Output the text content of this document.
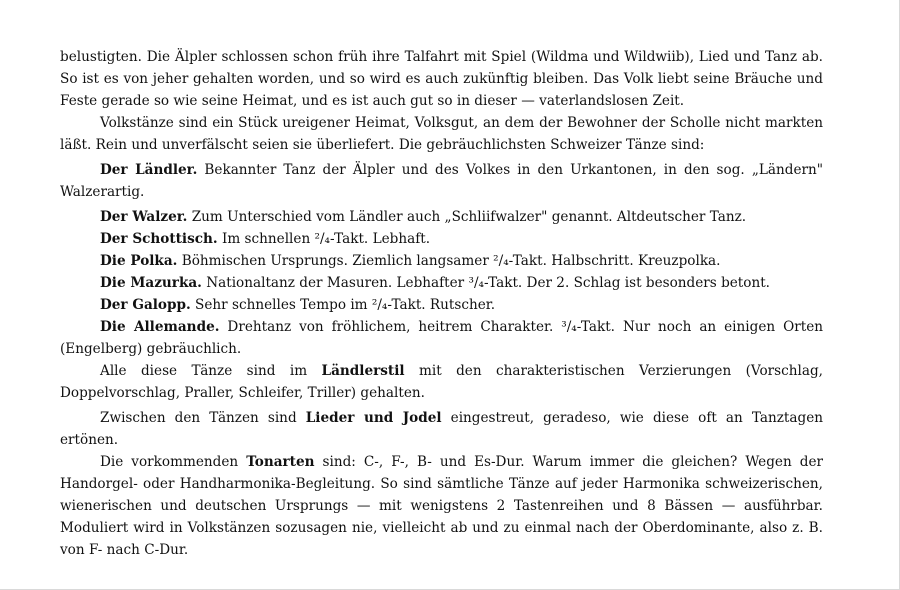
belustigten. Die Älpler schlossen schon früh ihre Talfahrt mit Spiel (Wildma und Wildwiib), Lied und Tanz ab. So ist es von jeher gehalten worden, und so wird es auch zukünftig bleiben. Das Volk liebt seine Bräuche und Feste gerade so wie seine Heimat, und es ist auch gut so in dieser — vaterlandslosen Zeit.

Volkstänze sind ein Stück ureigener Heimat, Volksgut, an dem der Bewohner der Scholle nicht markten läßt. Rein und unverfälscht seien sie überliefert. Die gebräuchlichsten Schweizer Tänze sind:

Der Ländler. Bekannter Tanz der Älpler und des Volkes in den Urkantonen, in den sog. „Ländern" Walzerartig.

Der Walzer. Zum Unterschied vom Ländler auch „Schliifwalzer" genannt. Altdeutscher Tanz.

Der Schottisch. Im schnellen ²/₄-Takt. Lebhaft.

Die Polka. Böhmischen Ursprungs. Ziemlich langsamer ²/₄-Takt. Halbschritt. Kreuzpolka.

Die Mazurka. Nationaltanz der Masuren. Lebhafter ³/₄-Takt. Der 2. Schlag ist besonders betont.

Der Galopp. Sehr schnelles Tempo im ²/₄-Takt. Rutscher.

Die Allemande. Drehtanz von fröhlichem, heitrem Charakter. ³/₄-Takt. Nur noch an einigen Orten (Engelberg) gebräuchlich.

Alle diese Tänze sind im Ländlerstil mit den charakteristischen Verzierungen (Vorschlag, Doppelvorschlag, Praller, Schleifer, Triller) gehalten.

Zwischen den Tänzen sind Lieder und Jodel eingestreut, geradeso, wie diese oft an Tanztagen ertönen.

Die vorkommenden Tonarten sind: C-, F-, B- und Es-Dur. Warum immer die gleichen? Wegen der Handorgel- oder Handharmonika-Begleitung. So sind sämtliche Tänze auf jeder Harmonika schweizerischen, wienerischen und deutschen Ursprungs — mit wenigstens 2 Tastenreihen und 8 Bässen — ausführbar. Moduliert wird in Volkstänzen sozusagen nie, vielleicht ab und zu einmal nach der Oberdominante, also z. B. von F- nach C-Dur.
